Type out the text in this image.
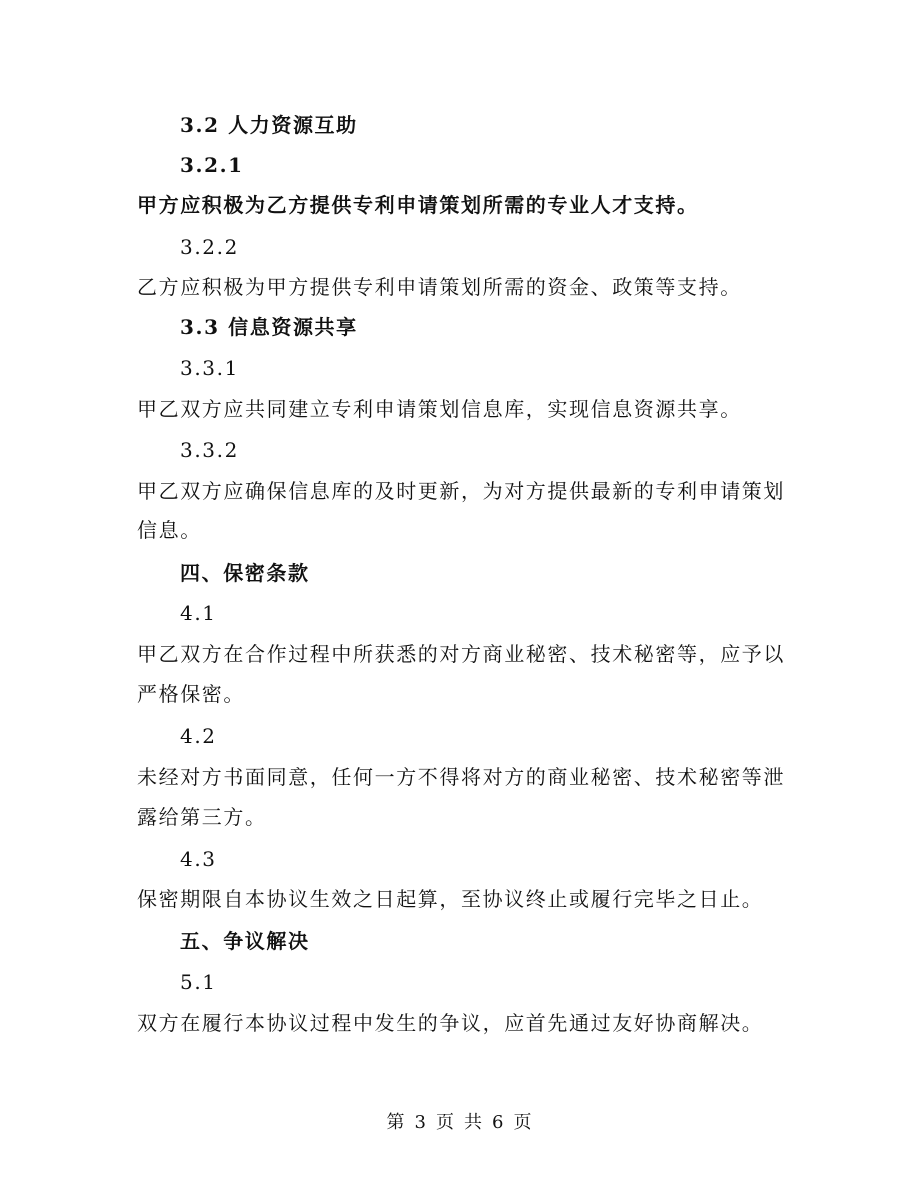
3.2 人力资源互助
3.2.1
甲方应积极为乙方提供专利申请策划所需的专业人才支持。
3.2.2
乙方应积极为甲方提供专利申请策划所需的资金、政策等支持。
3.3 信息资源共享
3.3.1
甲乙双方应共同建立专利申请策划信息库，实现信息资源共享。
3.3.2
甲乙双方应确保信息库的及时更新，为对方提供最新的专利申请策划
信息。
四、保密条款
4.1
甲乙双方在合作过程中所获悉的对方商业秘密、技术秘密等，应予以
严格保密。
4.2
未经对方书面同意，任何一方不得将对方的商业秘密、技术秘密等泄
露给第三方。
4.3
保密期限自本协议生效之日起算，至协议终止或履行完毕之日止。
五、争议解决
5.1
双方在履行本协议过程中发生的争议，应首先通过友好协商解决。
第 3 页 共 6 页
